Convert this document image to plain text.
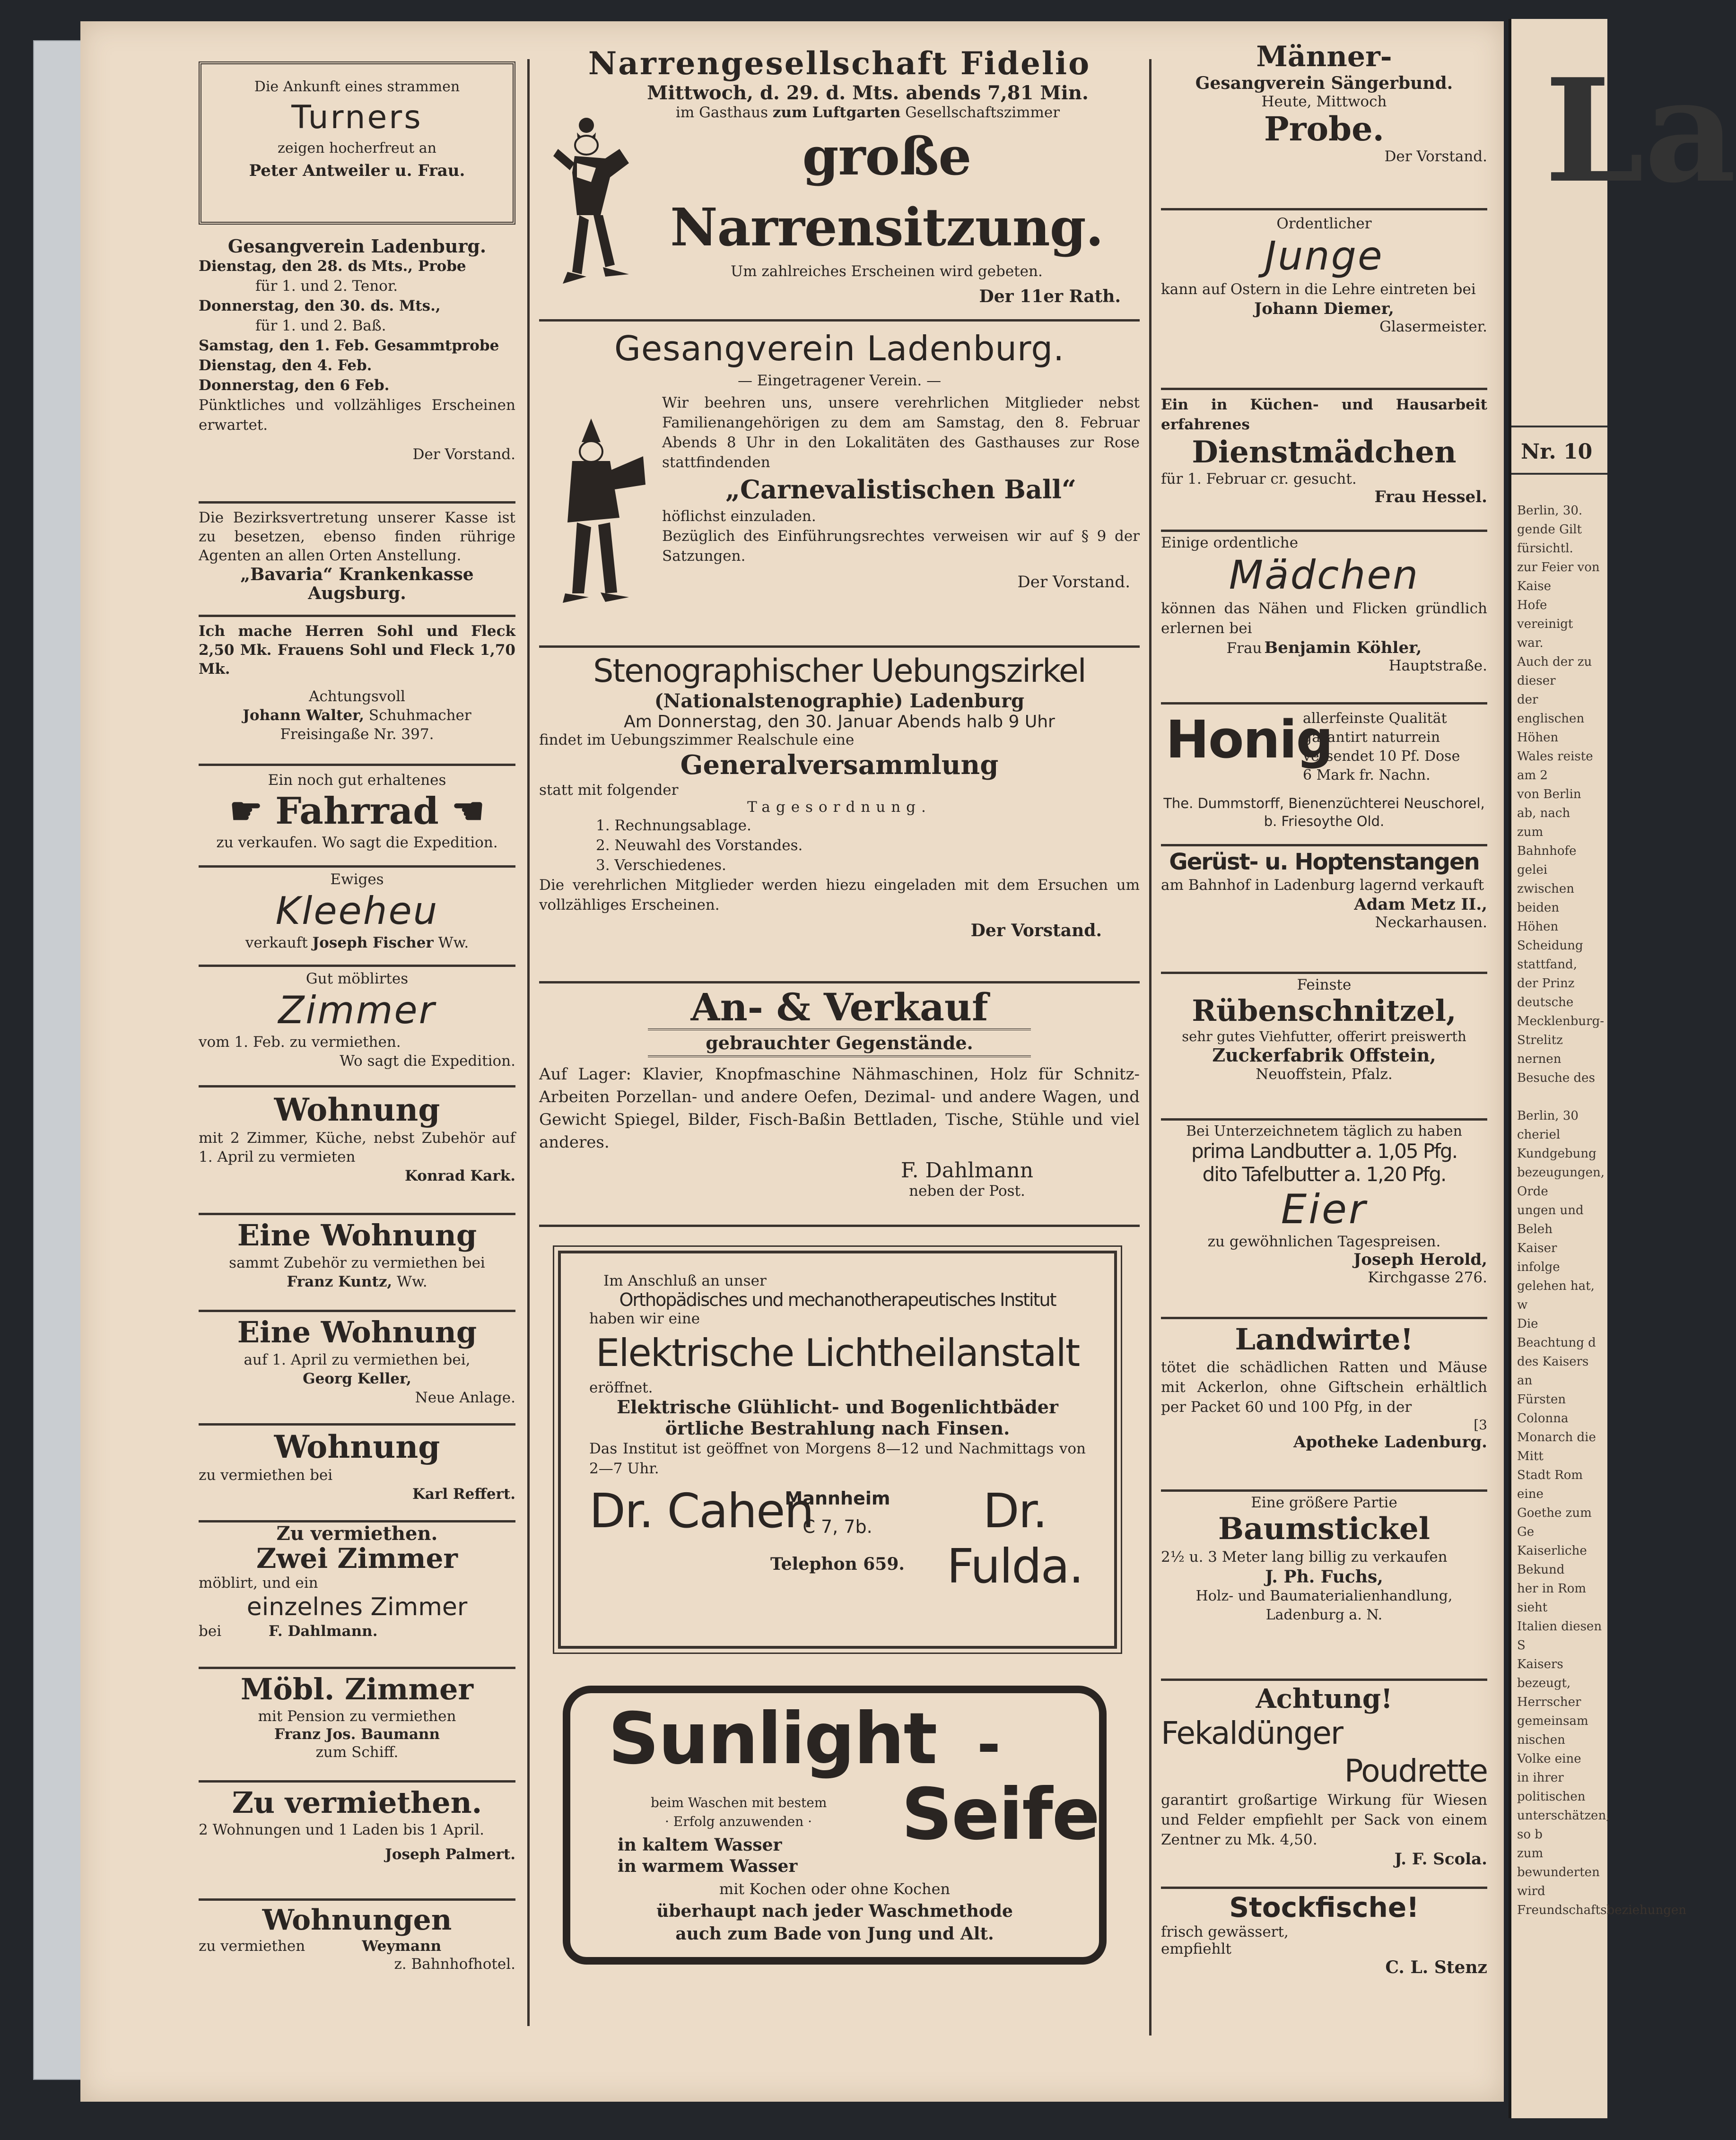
Die Ankunft eines strammen
Turners
zeigen hocherfreut an
Peter Antweiler u. Frau.
Gesangverein Ladenburg.
Dienstag, den 28. ds Mts., Probe
für 1. und 2. Tenor.
Donnerstag, den 30. ds. Mts.,
für 1. und 2. Baß.
Samstag, den 1. Feb. Gesammtprobe
Dienstag, den 4. Feb.
Donnerstag, den 6 Feb.
Pünktliches und vollzähliges Erscheinen erwartet.
Der Vorstand.
Die Bezirksvertretung unserer Kasse ist zu besetzen, ebenso finden rührige Agenten an allen Orten Anstellung.
„Bavaria“ Krankenkasse
Augsburg.
Ich mache Herren Sohl und Fleck 2,50 Mk. Frauens Sohl und Fleck 1,70 Mk.
Achtungsvoll
Johann Walter, Schuhmacher
Freisingaße Nr. 397.
Ein noch gut erhaltenes
☛ Fahrrad ☚
zu verkaufen. Wo sagt die Expedition.
Ewiges
Kleeheu
verkauft Joseph Fischer Ww.
Gut möblirtes
Zimmer
vom 1. Feb. zu vermiethen.
Wo sagt die Expedition.
Wohnung
mit 2 Zimmer, Küche, nebst Zubehör auf 1. April zu vermieten
Konrad Kark.
Eine Wohnung
sammt Zubehör zu vermiethen bei
Franz Kuntz, Ww.
Eine Wohnung
auf 1. April zu vermiethen bei,
Georg Keller,
Neue Anlage.
Wohnung
zu vermiethen bei
Karl Reffert.
Zu vermiethen.
Zwei Zimmer
möblirt, und ein
einzelnes Zimmer
bei	F. Dahlmann.
Möbl. Zimmer
mit Pension zu vermiethen
Franz Jos. Baumann
zum Schiff.
Zu vermiethen.
2 Wohnungen und 1 Laden bis 1 April.
Joseph Palmert.
Wohnungen
zu vermiethen	Weymann
z. Bahnhofhotel.
Narrengesellschaft Fidelio
Mittwoch, d. 29. d. Mts. abends 7,81 Min.
im Gasthaus zum Luftgarten Gesellschaftszimmer
große Narrensitzung.
Um zahlreiches Erscheinen wird gebeten.
Der 11er Rath.
Gesangverein Ladenburg.
— Eingetragener Verein. —
Wir beehren uns, unsere verehrlichen Mitglieder nebst Familienangehörigen zu dem am Samstag, den 8. Februar Abends 8 Uhr in den Lokalitäten des Gasthauses zur Rose stattfindenden
„Carnevalistischen Ball“
höflichst einzuladen.
Bezüglich des Einführungsrechtes verweisen wir auf § 9 der Satzungen.
Der Vorstand.
Stenographischer Uebungszirkel
(Nationalstenographie) Ladenburg
Am Donnerstag, den 30. Januar Abends halb 9 Uhr
findet im Uebungszimmer Realschule eine
Generalversammlung
statt mit folgender
Tagesordnung.
1. Rechnungsablage.
2. Neuwahl des Vorstandes.
3. Verschiedenes.
Die verehrlichen Mitglieder werden hiezu eingeladen mit dem Ersuchen um vollzähliges Erscheinen.
Der Vorstand.
An- & Verkauf
gebrauchter Gegenstände.
Auf Lager: Klavier, Knopfmaschine Nähmaschinen, Holz für Schnitz-Arbeiten Porzellan- und andere Oefen, Dezimal- und andere Wagen, und Gewicht Spiegel, Bilder, Fisch-Baßin Bettladen, Tische, Stühle und viel anderes.
F. Dahlmann
neben der Post.
Im Anschluß an unser
Orthopädisches und mechanotherapeutisches Institut
haben wir eine
Elektrische Lichtheilanstalt
eröffnet.
Elektrische Glühlicht- und Bogenlichtbäder
örtliche Bestrahlung nach Finsen.
Das Institut ist geöffnet von Morgens 8—12 und Nachmittags von 2—7 Uhr.
Dr. Cahen
Mannheim
C 7, 7b.	Dr. Fulda.
Telephon 659.
Sunlight -
Seife
beim Waschen mit bestem
· Erfolg anzuwenden ·
in kaltem Wasser
in warmem Wasser
mit Kochen oder ohne Kochen
überhaupt nach jeder Waschmethode
auch zum Bade von Jung und Alt.
Männer-
Gesangverein Sängerbund.
Heute, Mittwoch
Probe.
Der Vorstand.
Ordentlicher
Junge
kann auf Ostern in die Lehre eintreten bei
Johann Diemer,
Glasermeister.
Ein in Küchen- und Hausarbeit erfahrenes
Dienstmädchen
für 1. Februar cr. gesucht.
Frau Hessel.
Einige ordentliche
Mädchen
können das Nähen und Flicken gründlich erlernen bei
Frau Benjamin Köhler,
Hauptstraße.
Honig
allerfeinste Qualität
garantirt naturrein
versendet 10 Pf. Dose
6 Mark fr. Nachn.
The. Dummstorff, Bienenzüchterei Neuschorel, b. Friesoythe Old.
Gerüst- u. Hoptenstangen
am Bahnhof in Ladenburg lagernd verkauft
Adam Metz II.,
Neckarhausen.
Feinste
Rübenschnitzel,
sehr gutes Viehfutter, offerirt preiswerth
Zuckerfabrik Offstein,
Neuoffstein, Pfalz.
Bei Unterzeichnetem täglich zu haben
prima Landbutter a. 1,05 Pfg.
dito Tafelbutter a. 1,20 Pfg.
Eier
zu gewöhnlichen Tagespreisen.
Joseph Herold,
Kirchgasse 276.
Landwirte!
tötet die schädlichen Ratten und Mäuse mit Ackerlon, ohne Giftschein erhältlich per Packet 60 und 100 Pfg, in der
[3
Apotheke Ladenburg.
Eine größere Partie
Baumstickel
2½ u. 3 Meter lang billig zu verkaufen
J. Ph. Fuchs,
Holz- und Baumaterialienhandlung, Ladenburg a. N.
Achtung!
Fekaldünger
Poudrette
garantirt großartige Wirkung für Wiesen und Felder empfiehlt per Sack von einem Zentner zu Mk. 4,50.
J. F. Scola.
Stockfische!
frisch gewässert,
empfiehlt
C. L. Stenz
La
Nr. 10
Berlin, 30.
gende Gilt fürsichtl.
zur Feier von Kaise
Hofe vereinigt war.
Auch der zu dieser
der englischen Höhen
Wales reiste am 2
von Berlin ab, nach
zum Bahnhofe gelei
zwischen beiden Höhen
Scheidung stattfand,
der Prinz deutsche
Mecklenburg-Strelitz
nernen Besuche des

Berlin, 30
cheriel Kundgebung
bezeugungen, Orde
ungen und Beleh
Kaiser infolge
gelehen hat, w
Die Beachtung d
des Kaisers an
Fürsten Colonna
Monarch die Mitt
Stadt Rom eine
Goethe zum Ge
Kaiserliche Bekund
her in Rom sieht
Italien diesen S
Kaisers bezeugt,
Herrscher gemeinsam
nischen Volke eine
in ihrer politischen
unterschätzen, so b
zum bewunderten wird
Freundschaftsbeziehungen
